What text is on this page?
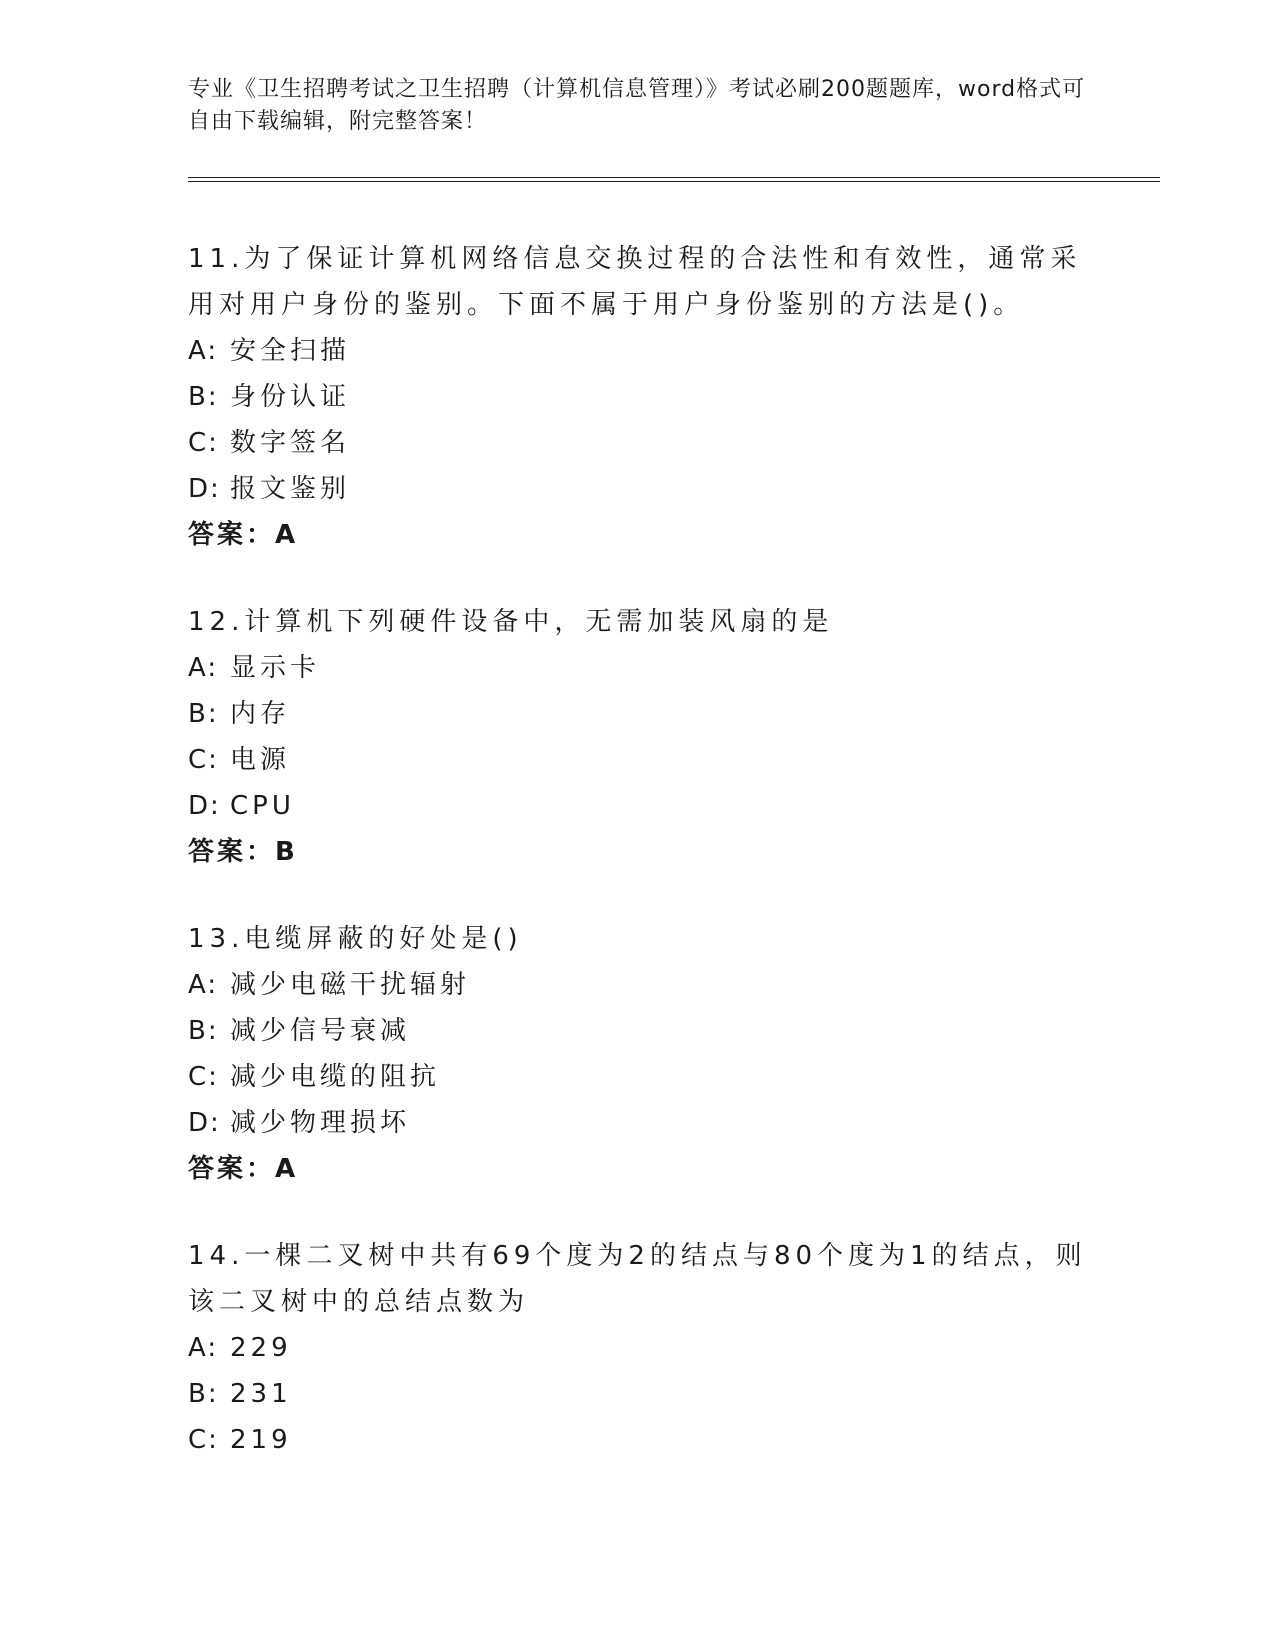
专业《卫生招聘考试之卫生招聘（计算机信息管理）》考试必刷200题题库，word格式可自由下载编辑，附完整答案！

11.为了保证计算机网络信息交换过程的合法性和有效性，通常采用对用户身份的鉴别。下面不属于用户身份鉴别的方法是()。

A: 安全扫描
B: 身份认证
C: 数字签名
D: 报文鉴别
答案：A

12.计算机下列硬件设备中，无需加装风扇的是

A: 显示卡
B: 内存
C: 电源
D: CPU
答案：B

13.电缆屏蔽的好处是()

A: 减少电磁干扰辐射
B: 减少信号衰减
C: 减少电缆的阻抗
D: 减少物理损坏
答案：A

14.一棵二叉树中共有69个度为2的结点与80个度为1的结点，则该二叉树中的总结点数为

A: 229
B: 231
C: 219
